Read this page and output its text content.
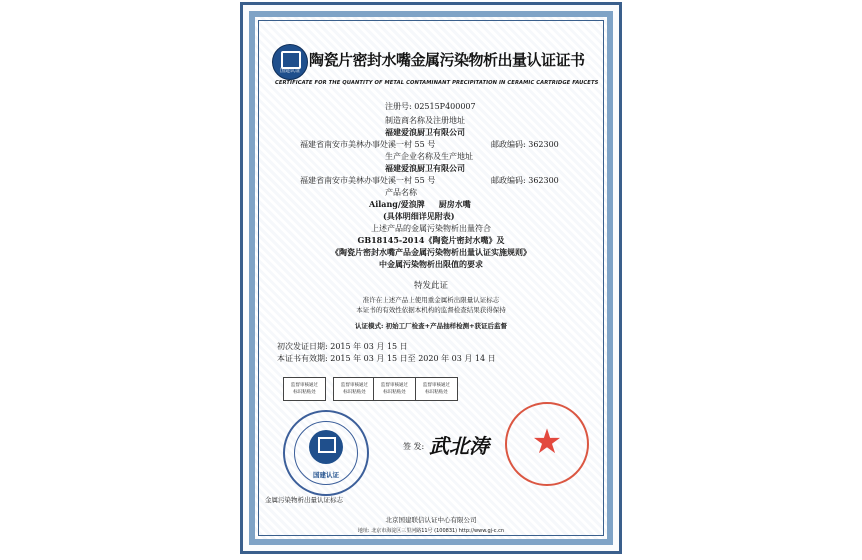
国建认证
陶瓷片密封水嘴金属污染物析出量认证证书
CERTIFICATE FOR THE QUANTITY OF METAL CONTAMINANT PRECIPITATION IN CERAMIC CARTRIDGE FAUCETS
注册号: 02515P400007
制造商名称及注册地址
福建爱浪厨卫有限公司
福建省南安市美林办事处溪一村 55 号	邮政编码: 362300
生产企业名称及生产地址
福建爱浪厨卫有限公司
福建省南安市美林办事处溪一村 55 号	邮政编码: 362300
产品名称
Ailang/爱浪牌     厨房水嘴
(具体明细详见附表)
上述产品的金属污染物析出量符合
GB18145-2014《陶瓷片密封水嘴》及
《陶瓷片密封水嘴产品金属污染物析出量认证实施规则》
中金属污染物析出限值的要求
特发此证
准许在上述产品上使用重金属析出限量认证标志
本证书的有效性依据本机构的监督检查结果获得保持
认证模式: 初始工厂检查+产品抽样检测+获证后监督
初次发证日期: 2015 年 03 月 15 日
本证书有效期: 2015 年 03 月 15 日至 2020 年 03 月 14 日
监督审核通过
标识粘贴处
监督审核通过
标识粘贴处
监督审核通过
标识粘贴处
监督审核通过
标识粘贴处
国建认证
签 发: 武北涛	★
金属污染物析出量认证标志
北京国建联信认证中心有限公司
地址: 北京市海淀区三里河路11号 (100831) http://www.gj-c.cn
